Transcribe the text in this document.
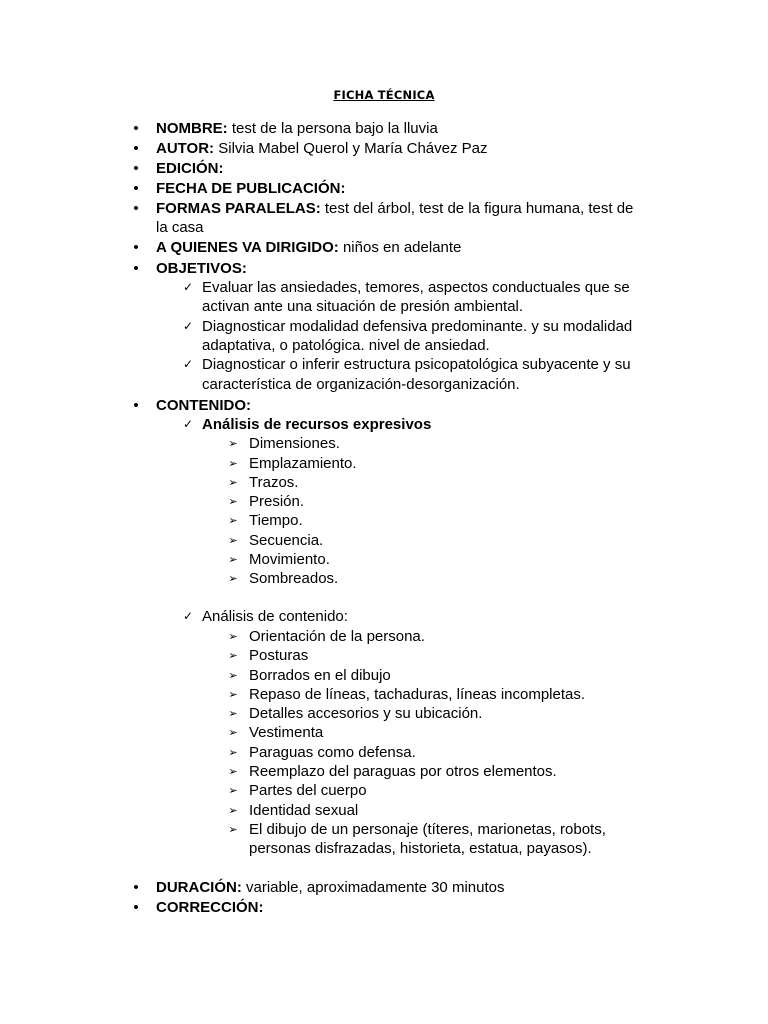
FICHA TÉCNICA
• NOMBRE: test de la persona bajo la lluvia
• AUTOR: Silvia Mabel Querol y María Chávez Paz
• EDICIÓN:
• FECHA DE PUBLICACIÓN:
• FORMAS PARALELAS: test del árbol, test de la figura humana, test de
la casa
• A QUIENES VA DIRIGIDO: niños en adelante
• OBJETIVOS:
✓ Evaluar las ansiedades, temores, aspectos conductuales que se
activan ante una situación de presión ambiental.
✓ Diagnosticar modalidad defensiva predominante. y su modalidad
adaptativa, o patológica. nivel de ansiedad.
✓ Diagnosticar o inferir estructura psicopatológica subyacente y su
característica de organización-desorganización.
• CONTENIDO:
✓ Análisis de recursos expresivos
➢ Dimensiones.
➢ Emplazamiento.
➢ Trazos.
➢ Presión.
➢ Tiempo.
➢ Secuencia.
➢ Movimiento.
➢ Sombreados.
✓ Análisis de contenido:
➢ Orientación de la persona.
➢ Posturas
➢ Borrados en el dibujo
➢ Repaso de líneas, tachaduras, líneas incompletas.
➢ Detalles accesorios y su ubicación.
➢ Vestimenta
➢ Paraguas como defensa.
➢ Reemplazo del paraguas por otros elementos.
➢ Partes del cuerpo
➢ Identidad sexual
➢ El dibujo de un personaje (títeres, marionetas, robots,
personas disfrazadas, historieta, estatua, payasos).
• DURACIÓN: variable, aproximadamente 30 minutos
• CORRECCIÓN:
